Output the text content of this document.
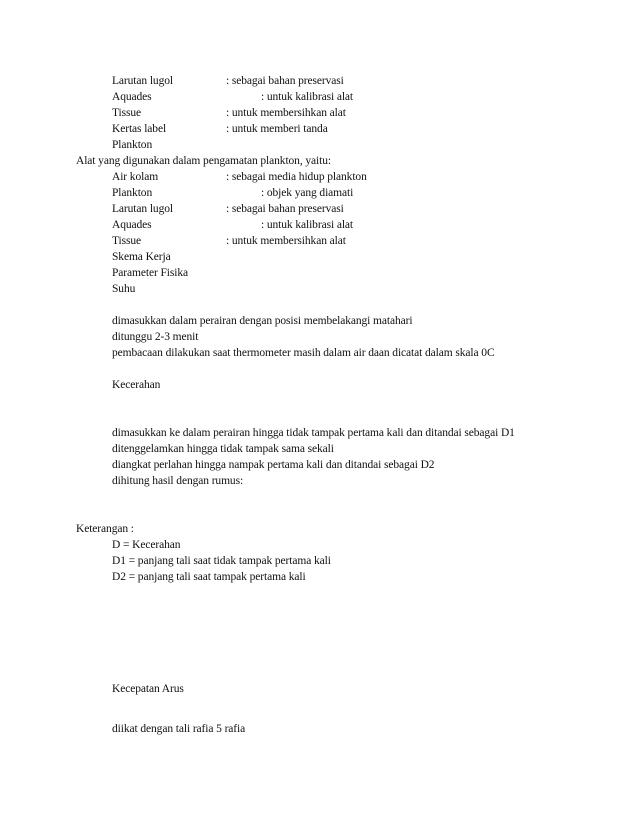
Larutan lugol	: sebagai bahan preservasi
Aquades	: untuk kalibrasi alat
Tissue	: untuk membersihkan alat
Kertas label	: untuk memberi tanda
Plankton
Alat yang digunakan dalam pengamatan plankton, yaitu:
Air kolam	: sebagai media hidup plankton
Plankton	: objek yang diamati
Larutan lugol	: sebagai bahan preservasi
Aquades	: untuk kalibrasi alat
Tissue	: untuk membersihkan alat
Skema Kerja
Parameter Fisika
Suhu
dimasukkan dalam perairan dengan posisi membelakangi matahari
ditunggu 2-3 menit
pembacaan dilakukan saat thermometer masih dalam air daan dicatat dalam skala 0C
Kecerahan
dimasukkan ke dalam perairan hingga tidak tampak pertama kali dan ditandai sebagai D1
ditenggelamkan hingga tidak tampak sama sekali
diangkat perlahan hingga nampak pertama kali dan ditandai sebagai D2
dihitung hasil dengan rumus:
Keterangan :
D = Kecerahan
D1 = panjang tali saat tidak tampak pertama kali
D2 = panjang tali saat tampak pertama kali
Kecepatan Arus
diikat dengan tali rafia 5 rafia
